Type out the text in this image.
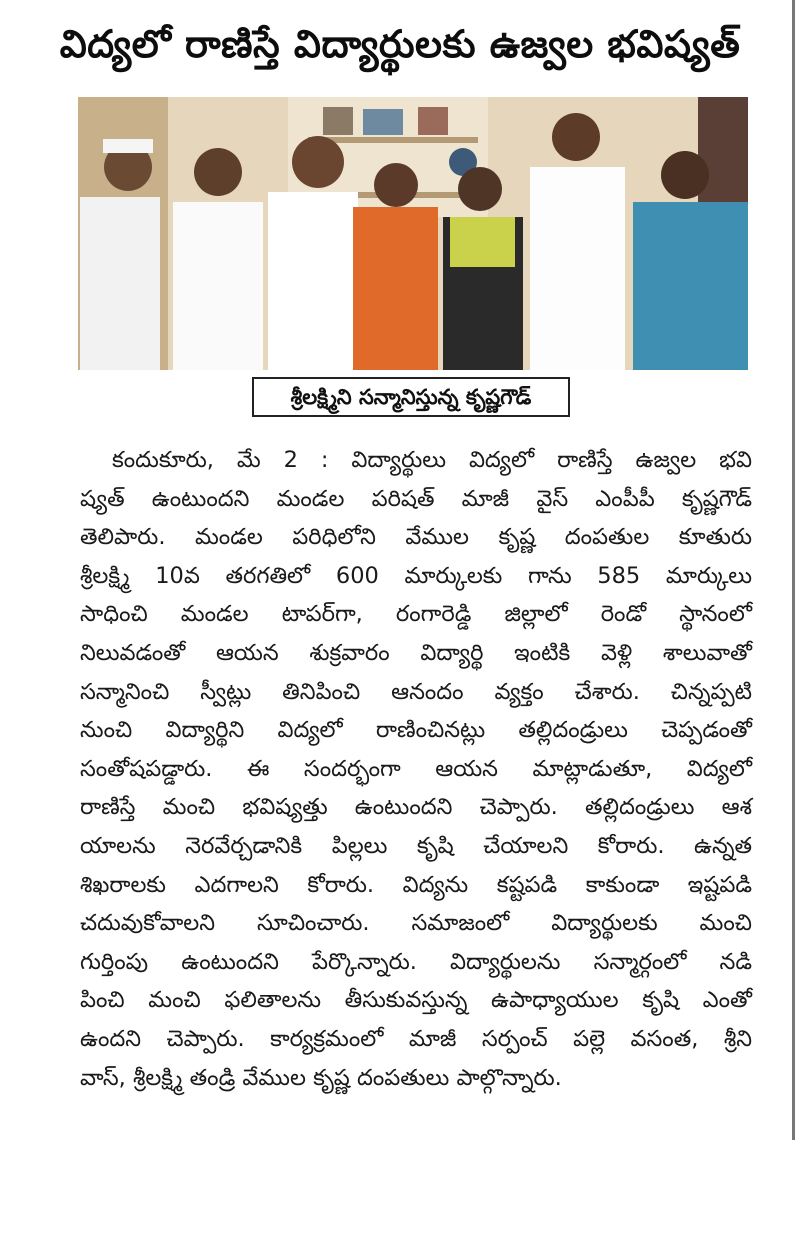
విద్యలో రాణిస్తే విద్యార్థులకు ఉజ్వల భవిష్యత్
శ్రీలక్ష్మిని సన్మానిస్తున్న కృష్ణగౌడ్
కందుకూరు, మే 2 : విద్యార్థులు విద్యలో రాణిస్తే ఉజ్వల భవి
ష్యత్ ఉంటుందని మండల పరిషత్ మాజీ వైస్ ఎంపీపీ కృష్ణగౌడ్
తెలిపారు. మండల పరిధిలోని వేముల కృష్ణ దంపతుల కూతురు
శ్రీలక్ష్మి 10వ తరగతిలో 600 మార్కులకు గాను 585 మార్కులు
సాధించి మండల టాపర్‌గా, రంగారెడ్డి జిల్లాలో రెండో స్థానంలో
నిలువడంతో ఆయన శుక్రవారం విద్యార్థి ఇంటికి వెళ్లి శాలువాతో
సన్మానించి స్వీట్లు తినిపించి ఆనందం వ్యక్తం చేశారు. చిన్నప్పటి
నుంచి విద్యార్థిని విద్యలో రాణించినట్లు తల్లిదండ్రులు చెప్పడంతో
సంతోషపడ్డారు. ఈ సందర్భంగా ఆయన మాట్లాడుతూ, విద్యలో
రాణిస్తే మంచి భవిష్యత్తు ఉంటుందని చెప్పారు. తల్లిదండ్రులు ఆశ
యాలను నెరవేర్చడానికి పిల్లలు కృషి చేయాలని కోరారు. ఉన్నత
శిఖరాలకు ఎదగాలని కోరారు. విద్యను కష్టపడి కాకుండా ఇష్టపడి
చదువుకోవాలని సూచించారు. సమాజంలో విద్యార్థులకు మంచి
గుర్తింపు ఉంటుందని పేర్కొన్నారు. విద్యార్థులను సన్మార్గంలో నడి
పించి మంచి ఫలితాలను తీసుకువస్తున్న ఉపాధ్యాయుల కృషి ఎంతో
ఉందని చెప్పారు. కార్యక్రమంలో మాజీ సర్పంచ్ పల్లె వసంత, శ్రీని
వాస్, శ్రీలక్ష్మి తండ్రి వేముల కృష్ణ దంపతులు పాల్గొన్నారు.
